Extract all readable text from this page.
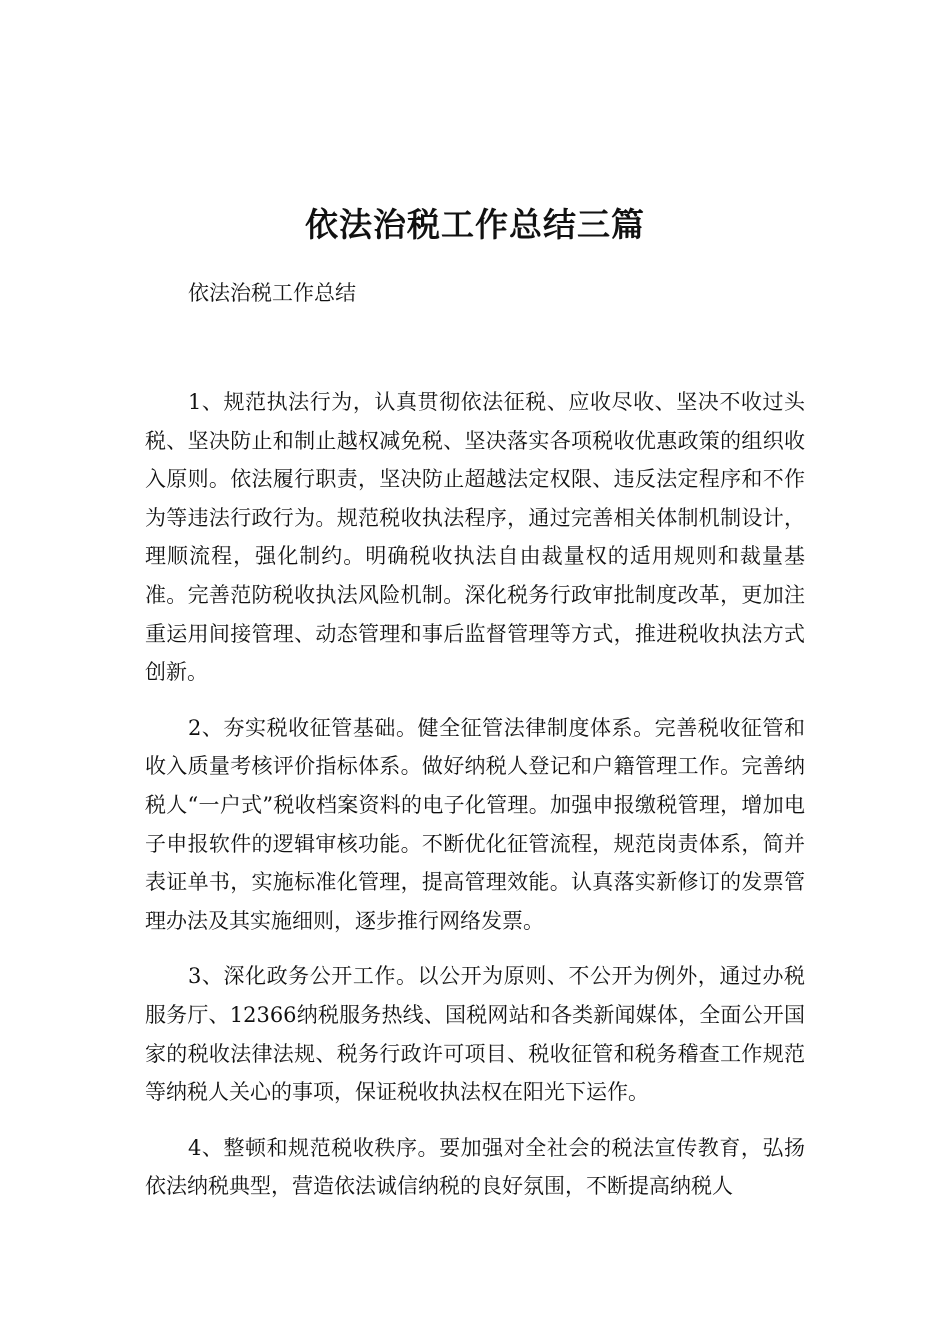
依法治税工作总结三篇

依法治税工作总结

1、规范执法行为，认真贯彻依法征税、应收尽收、坚决不收过头税、坚决防止和制止越权减免税、坚决落实各项税收优惠政策的组织收入原则。依法履行职责，坚决防止超越法定权限、违反法定程序和不作为等违法行政行为。规范税收执法程序，通过完善相关体制机制设计，理顺流程，强化制约。明确税收执法自由裁量权的适用规则和裁量基准。完善范防税收执法风险机制。深化税务行政审批制度改革，更加注重运用间接管理、动态管理和事后监督管理等方式，推进税收执法方式创新。

2、夯实税收征管基础。健全征管法律制度体系。完善税收征管和收入质量考核评价指标体系。做好纳税人登记和户籍管理工作。完善纳税人“一户式”税收档案资料的电子化管理。加强申报缴税管理，增加电子申报软件的逻辑审核功能。不断优化征管流程，规范岗责体系，简并表证单书，实施标准化管理，提高管理效能。认真落实新修订的发票管理办法及其实施细则，逐步推行网络发票。

3、深化政务公开工作。以公开为原则、不公开为例外，通过办税服务厅、12366纳税服务热线、国税网站和各类新闻媒体，全面公开国家的税收法律法规、税务行政许可项目、税收征管和税务稽查工作规范等纳税人关心的事项，保证税收执法权在阳光下运作。

4、整顿和规范税收秩序。要加强对全社会的税法宣传教育，弘扬依法纳税典型，营造依法诚信纳税的良好氛围，不断提高纳税人
